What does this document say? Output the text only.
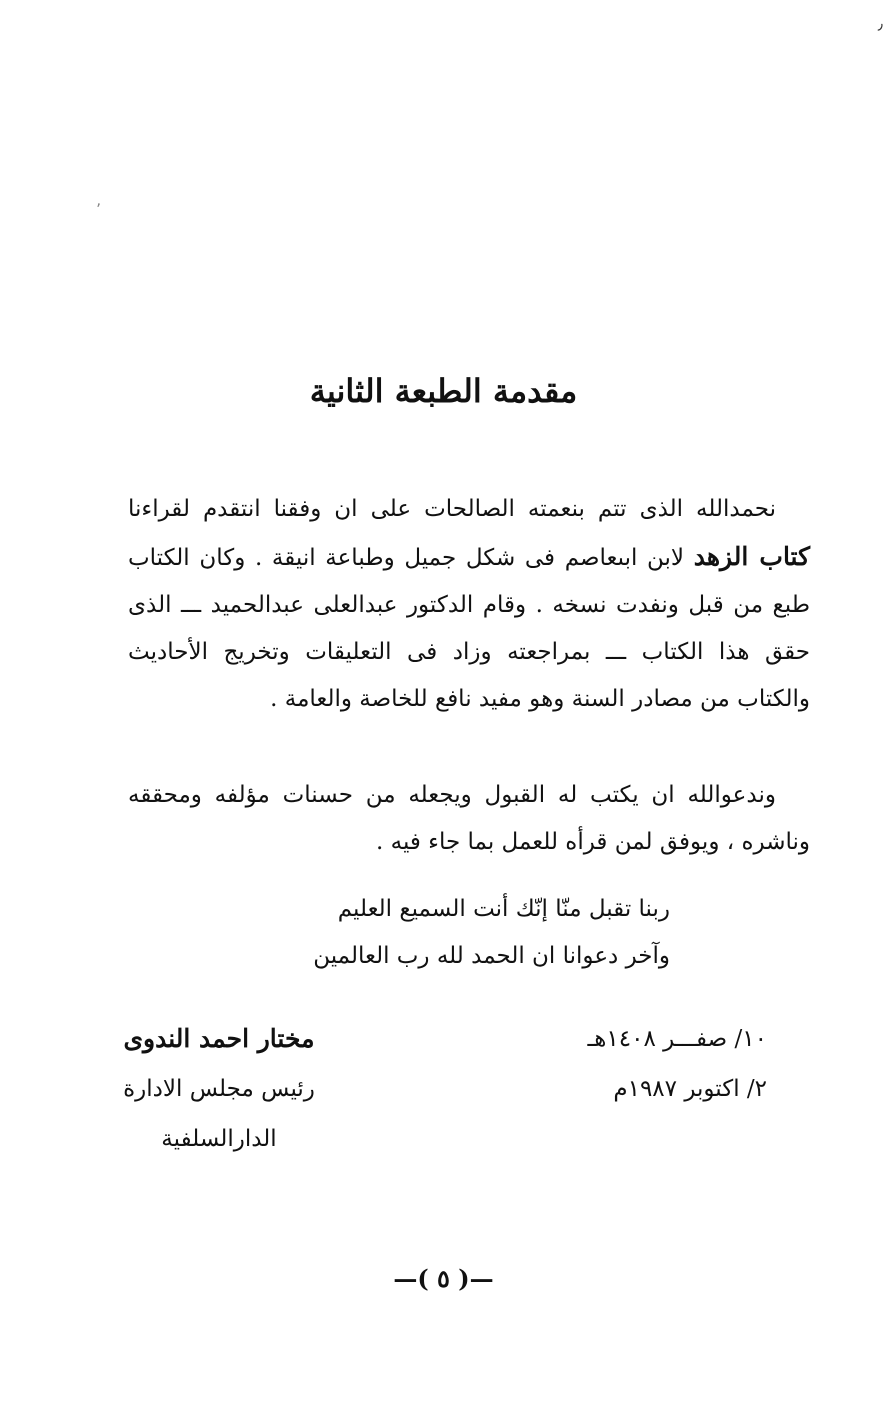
٫
٬
مقدمة الطبعة الثانية

نحمدالله الذى تتم بنعمته الصالحات على ان وفقنا انتقدم لقراءنا كتاب الزهد لابن ابىعاصم فى شكل جميل وطباعة انيقة . وكان الكتاب طبع من قبل ونفدت نسخه . وقام الدكتور عبدالعلى عبدالحميد ـــ الذى حقق هذا الكتاب ـــ بمراجعته وزاد فى التعليقات وتخريج الأحاديث والكتاب من مصادر السنة وهو مفيد نافع للخاصة والعامة .

وندعوالله ان يكتب له القبول ويجعله من حسنات مؤلفه ومحققه وناشره ، ويوفق لمن قرأه للعمل بما جاء فيه .

ربنا تقبل منّا إنّك أنت السميع العليم
وآخر دعوانا ان الحمد لله رب العالمين
١٠/ صفـــر ١٤٠٨هـ
٢/ اكتوبر ١٩٨٧م
مختار احمد الندوى
رئيس مجلس الادارة
الدارالسلفية
—( ٥ )—
